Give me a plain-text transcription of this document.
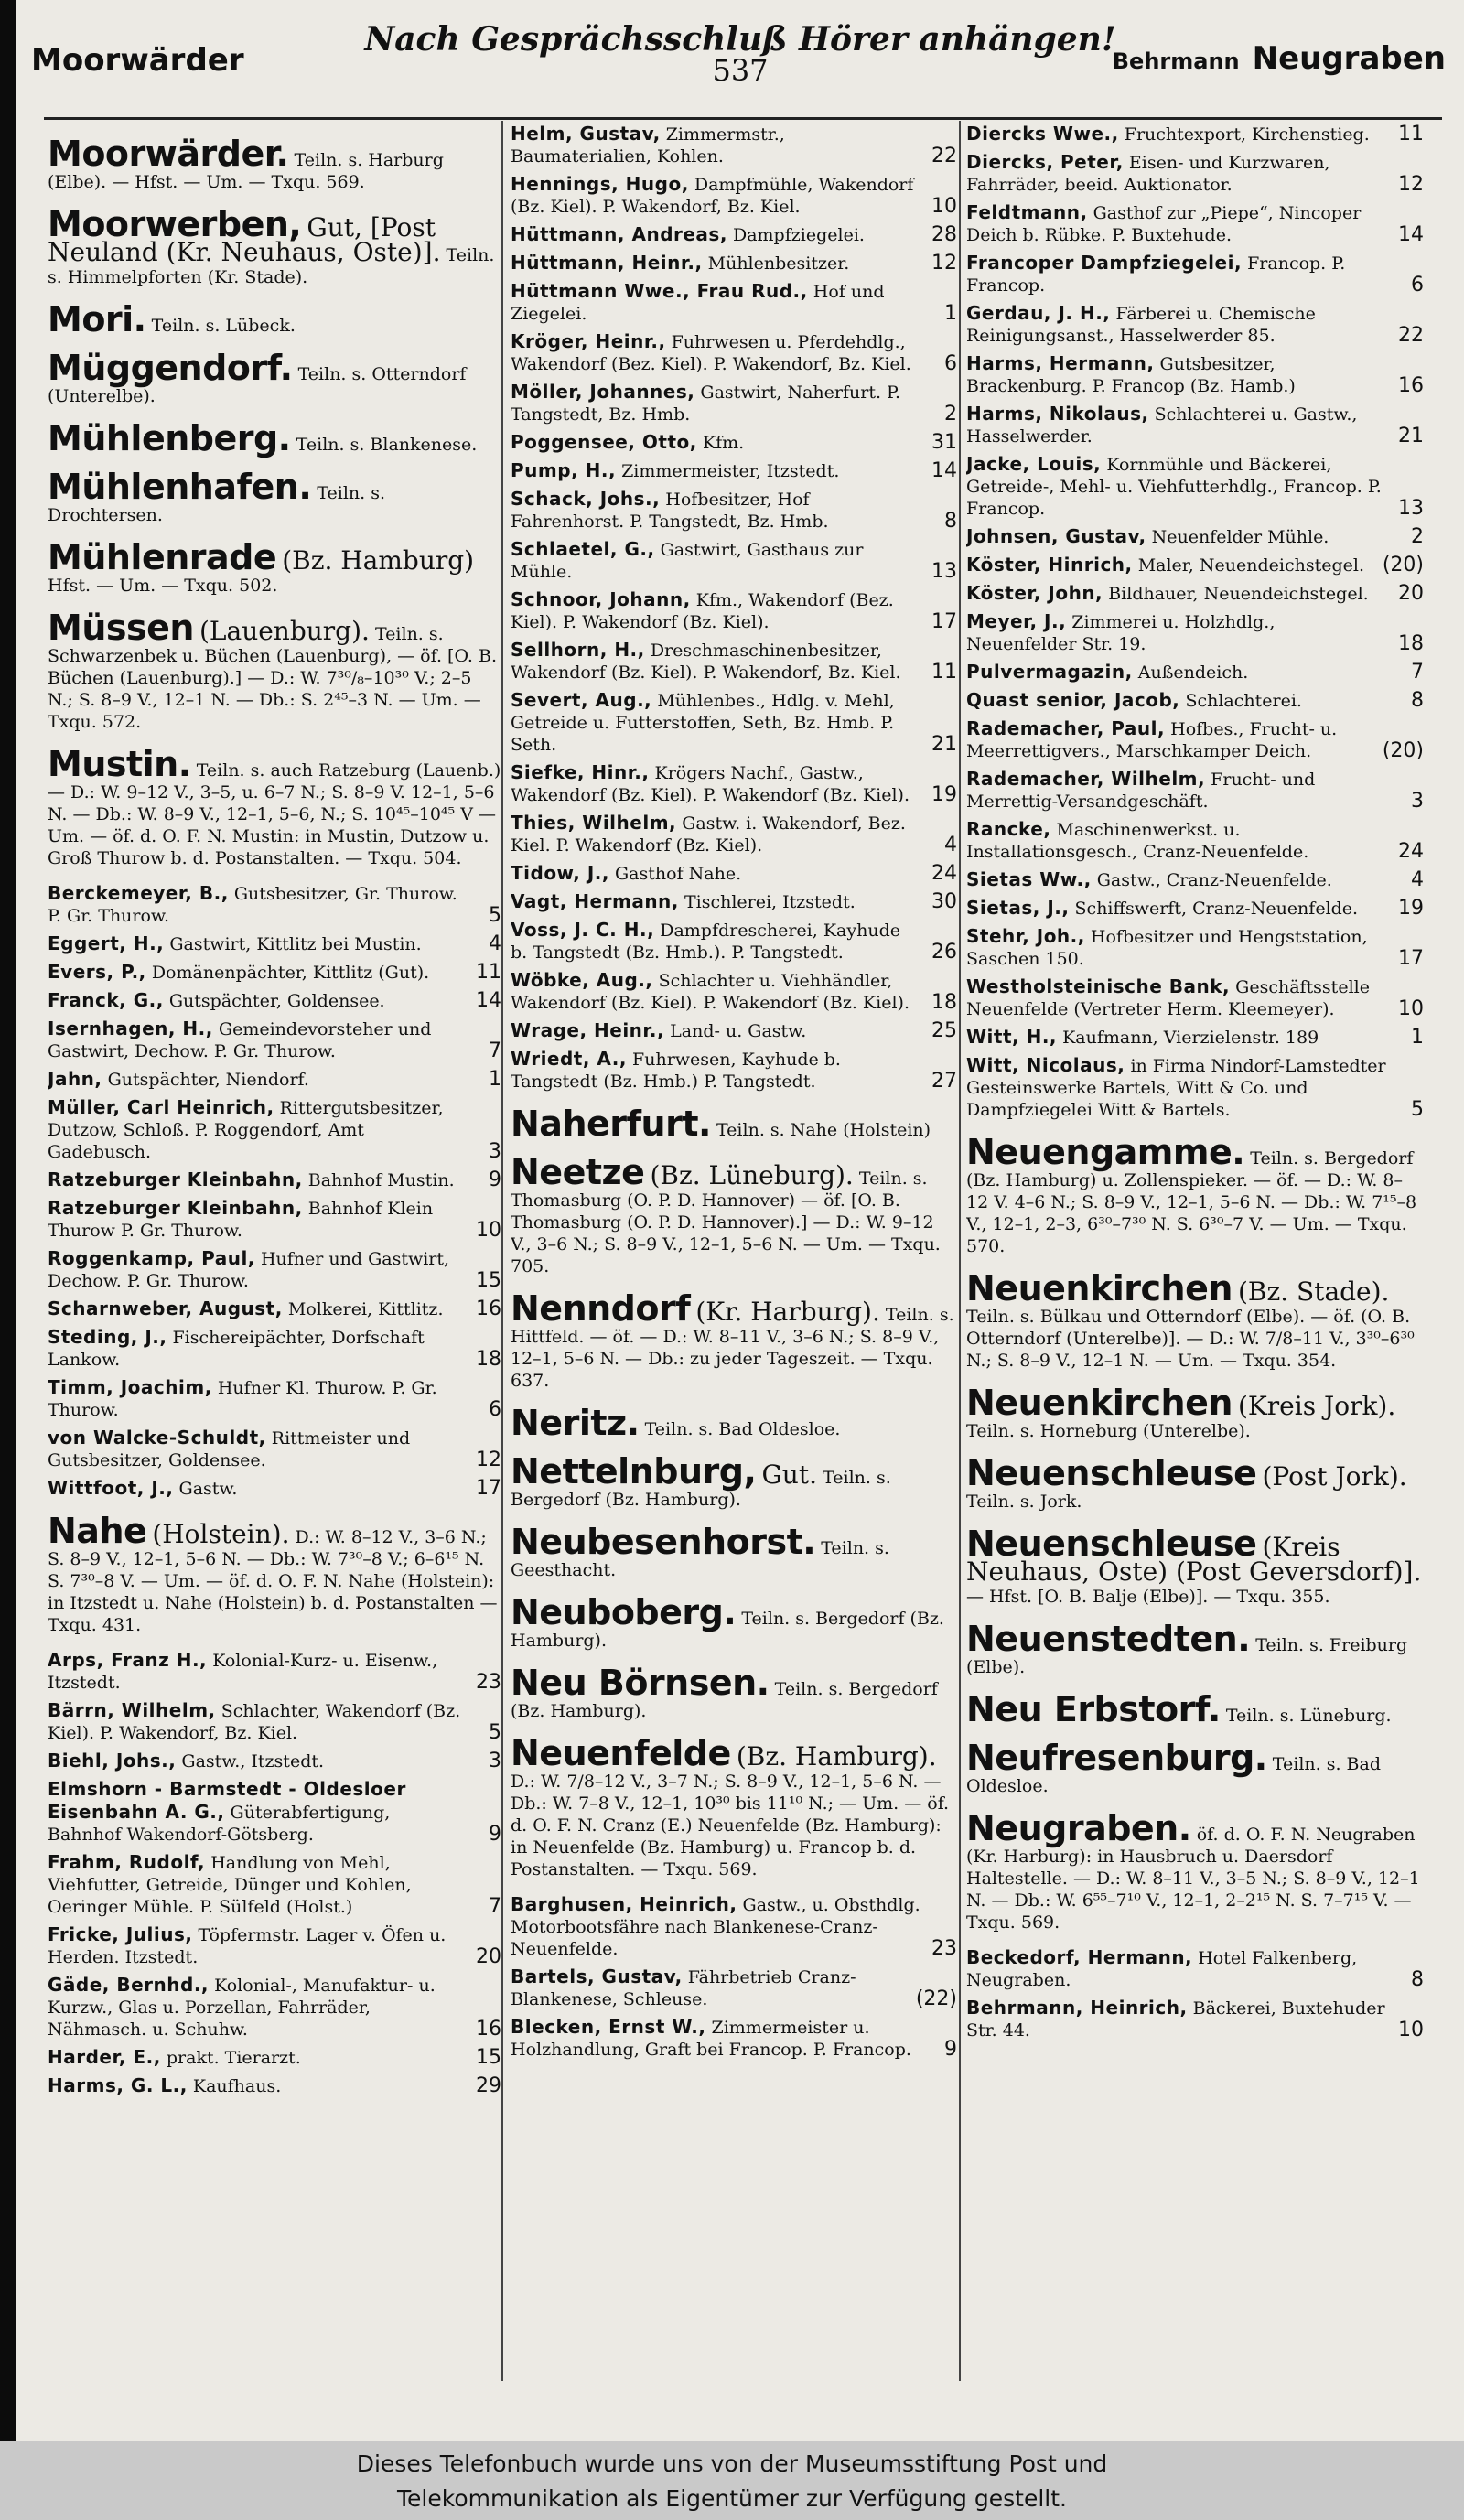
Moorwärder
Nach Gesprächsschluß Hörer anhängen!
537	Behrmann Neugraben
Moorwärder. Teiln. s. Harburg (Elbe). — Hfst. — Um. — Txqu. 569.
Moorwerben, Gut, [Post Neuland (Kr. Neuhaus, Oste)]. Teiln. s. Himmelpforten (Kr. Stade).
Mori. Teiln. s. Lübeck.
Müggendorf. Teiln. s. Otterndorf (Unterelbe).
Mühlenberg. Teiln. s. Blankenese.
Mühlenhafen. Teiln. s. Drochtersen.
Mühlenrade (Bz. Hamburg) Hfst. — Um. — Txqu. 502.
Müssen (Lauenburg). Teiln. s. Schwarzenbek u. Büchen (Lauenburg), — öf. [O. B. Büchen (Lauenburg).] — D.: W. 7³⁰/₈–10³⁰ V.; 2–5 N.; S. 8–9 V., 12–1 N. — Db.: S. 2⁴⁵–3 N. — Um. — Txqu. 572.
Mustin. Teiln. s. auch Ratzeburg (Lauenb.) — D.: W. 9–12 V., 3–5, u. 6–7 N.; S. 8–9 V. 12–1, 5–6 N. — Db.: W. 8–9 V., 12–1, 5–6, N.; S. 10⁴⁵–10⁴⁵ V — Um. — öf. d. O. F. N. Mustin: in Mustin, Dutzow u. Groß Thurow b. d. Postanstalten. — Txqu. 504.
Berckemeyer, B., Gutsbesitzer, Gr. Thurow. P. Gr. Thurow.	5
Eggert, H., Gastwirt, Kittlitz bei Mustin.	4
Evers, P., Domänenpächter, Kittlitz (Gut). 11
Franck, G., Gutspächter, Goldensee.	14
Isernhagen, H., Gemeindevorsteher und Gastwirt, Dechow. P. Gr. Thurow.	7
Jahn, Gutspächter, Niendorf.	1
Müller, Carl Heinrich, Rittergutsbesitzer, Dutzow, Schloß. P. Roggendorf, Amt Gadebusch.	3
Ratzeburger Kleinbahn, Bahnhof Mustin. 9
Ratzeburger Kleinbahn, Bahnhof Klein Thurow P. Gr. Thurow.	10
Roggenkamp, Paul, Hufner und Gastwirt, Dechow. P. Gr. Thurow.	15
Scharnweber, August, Molkerei, Kittlitz. 16
Steding, J., Fischereipächter, Dorfschaft Lankow.	18
Timm, Joachim, Hufner Kl. Thurow. P. Gr. Thurow.	6
von Walcke-Schuldt, Rittmeister und Gutsbesitzer, Goldensee.	12
Wittfoot, J., Gastw.	17
Nahe (Holstein). D.: W. 8–12 V., 3–6 N.; S. 8–9 V., 12–1, 5–6 N. — Db.: W. 7³⁰–8 V.; 6–6¹⁵ N. S. 7³⁰–8 V. — Um. — öf. d. O. F. N. Nahe (Holstein): in Itzstedt u. Nahe (Holstein) b. d. Postanstalten — Txqu. 431.
Arps, Franz H., Kolonial-Kurz- u. Eisenw., Itzstedt.	23
Bärrn, Wilhelm, Schlachter, Wakendorf (Bz. Kiel). P. Wakendorf, Bz. Kiel.	5
Biehl, Johs., Gastw., Itzstedt.	3
Elmshorn - Barmstedt - Oldesloer Eisenbahn A. G., Güterabfertigung, Bahnhof Wakendorf-Götsberg.	9
Frahm, Rudolf, Handlung von Mehl, Viehfutter, Getreide, Dünger und Kohlen, Oeringer Mühle. P. Sülfeld (Holst.)	7
Fricke, Julius, Töpfermstr. Lager v. Öfen u. Herden. Itzstedt.	20
Gäde, Bernhd., Kolonial-, Manufaktur- u. Kurzw., Glas u. Porzellan, Fahrräder, Nähmasch. u. Schuhw.	16
Harder, E., prakt. Tierarzt.	15
Harms, G. L., Kaufhaus.	29
Helm, Gustav, Zimmermstr., Baumaterialien, Kohlen.	22
Hennings, Hugo, Dampfmühle, Wakendorf (Bz. Kiel). P. Wakendorf, Bz. Kiel.	10
Hüttmann, Andreas, Dampfziegelei.	28
Hüttmann, Heinr., Mühlenbesitzer.	12
Hüttmann Wwe., Frau Rud., Hof und Ziegelei.	1
Kröger, Heinr., Fuhrwesen u. Pferdehdlg., Wakendorf (Bez. Kiel). P. Wakendorf, Bz. Kiel. 6
Möller, Johannes, Gastwirt, Naherfurt. P. Tangstedt, Bz. Hmb.	2
Poggensee, Otto, Kfm.	31
Pump, H., Zimmermeister, Itzstedt.	14
Schack, Johs., Hofbesitzer, Hof Fahrenhorst. P. Tangstedt, Bz. Hmb.	8
Schlaetel, G., Gastwirt, Gasthaus zur Mühle.	13
Schnoor, Johann, Kfm., Wakendorf (Bez. Kiel). P. Wakendorf (Bz. Kiel).	17
Sellhorn, H., Dreschmaschinenbesitzer, Wakendorf (Bz. Kiel). P. Wakendorf, Bz. Kiel. 11
Severt, Aug., Mühlenbes., Hdlg. v. Mehl, Getreide u. Futterstoffen, Seth, Bz. Hmb. P. Seth.	21
Siefke, Hinr., Krögers Nachf., Gastw., Wakendorf (Bz. Kiel). P. Wakendorf (Bz. Kiel). 19
Thies, Wilhelm, Gastw. i. Wakendorf, Bez. Kiel. P. Wakendorf (Bz. Kiel).	4
Tidow, J., Gasthof Nahe.	24
Vagt, Hermann, Tischlerei, Itzstedt.	30
Voss, J. C. H., Dampfdrescherei, Kayhude b. Tangstedt (Bz. Hmb.). P. Tangstedt.	26
Wöbke, Aug., Schlachter u. Viehhändler, Wakendorf (Bz. Kiel). P. Wakendorf (Bz. Kiel). 18
Wrage, Heinr., Land- u. Gastw.	25
Wriedt, A., Fuhrwesen, Kayhude b. Tangstedt (Bz. Hmb.) P. Tangstedt.	27
Naherfurt. Teiln. s. Nahe (Holstein)
Neetze (Bz. Lüneburg). Teiln. s. Thomasburg (O. P. D. Hannover) — öf. [O. B. Thomasburg (O. P. D. Hannover).] — D.: W. 9–12 V., 3–6 N.; S. 8–9 V., 12–1, 5–6 N. — Um. — Txqu. 705.
Nenndorf (Kr. Harburg). Teiln. s. Hittfeld. — öf. — D.: W. 8–11 V., 3–6 N.; S. 8–9 V., 12–1, 5–6 N. — Db.: zu jeder Tageszeit. — Txqu. 637.
Neritz. Teiln. s. Bad Oldesloe.
Nettelnburg, Gut. Teiln. s. Bergedorf (Bz. Hamburg).
Neubesenhorst. Teiln. s. Geesthacht.
Neuboberg. Teiln. s. Bergedorf (Bz. Hamburg).
Neu Börnsen. Teiln. s. Bergedorf (Bz. Hamburg).
Neuenfelde (Bz. Hamburg). D.: W. 7/8–12 V., 3–7 N.; S. 8–9 V., 12–1, 5–6 N. — Db.: W. 7–8 V., 12–1, 10³⁰ bis 11¹⁰ N.; — Um. — öf. d. O. F. N. Cranz (E.) Neuenfelde (Bz. Hamburg): in Neuenfelde (Bz. Hamburg) u. Francop b. d. Postanstalten. — Txqu. 569.
Barghusen, Heinrich, Gastw., u. Obsthdlg. Motorbootsfähre nach Blankenese-Cranz-Neuenfelde.	23
Bartels, Gustav, Fährbetrieb Cranz-Blankenese, Schleuse.	(22)
Blecken, Ernst W., Zimmermeister u. Holzhandlung, Graft bei Francop. P. Francop. 9
Diercks Wwe., Fruchtexport, Kirchenstieg. 11
Diercks, Peter, Eisen- und Kurzwaren, Fahrräder, beeid. Auktionator.	12
Feldtmann, Gasthof zur „Piepe“, Nincoper Deich b. Rübke. P. Buxtehude.	14
Francoper Dampfziegelei, Francop. P. Francop.	6
Gerdau, J. H., Färberei u. Chemische Reinigungsanst., Hasselwerder 85.	22
Harms, Hermann, Gutsbesitzer, Brackenburg. P. Francop (Bz. Hamb.)	16
Harms, Nikolaus, Schlachterei u. Gastw., Hasselwerder.	21
Jacke, Louis, Kornmühle und Bäckerei, Getreide-, Mehl- u. Viehfutterhdlg., Francop. P. Francop.	13
Johnsen, Gustav, Neuenfelder Mühle.	2
Köster, Hinrich, Maler, Neuendeichstegel. (20)
Köster, John, Bildhauer, Neuendeichstegel. 20
Meyer, J., Zimmerei u. Holzhdlg., Neuenfelder Str. 19.	18
Pulvermagazin, Außendeich.	7
Quast senior, Jacob, Schlachterei.	8
Rademacher, Paul, Hofbes., Frucht- u. Meerrettigvers., Marschkamper Deich.	(20)
Rademacher, Wilhelm, Frucht- und Merrettig-Versandgeschäft.	3
Rancke, Maschinenwerkst. u. Installationsgesch., Cranz-Neuenfelde.	24
Sietas Ww., Gastw., Cranz-Neuenfelde.	4
Sietas, J., Schiffswerft, Cranz-Neuenfelde. 19
Stehr, Joh., Hofbesitzer und Hengststation, Saschen 150.	17
Westholsteinische Bank, Geschäftsstelle Neuenfelde (Vertreter Herm. Kleemeyer).	10
Witt, H., Kaufmann, Vierzielenstr. 189	1
Witt, Nicolaus, in Firma Nindorf-Lamstedter Gesteinswerke Bartels, Witt & Co. und Dampfziegelei Witt & Bartels.	5
Neuengamme. Teiln. s. Bergedorf (Bz. Hamburg) u. Zollenspieker. — öf. — D.: W. 8–12 V. 4–6 N.; S. 8–9 V., 12–1, 5–6 N. — Db.: W. 7¹⁵–8 V., 12–1, 2–3, 6³⁰–7³⁰ N. S. 6³⁰–7 V. — Um. — Txqu. 570.
Neuenkirchen (Bz. Stade). Teiln. s. Bülkau und Otterndorf (Elbe). — öf. (O. B. Otterndorf (Unterelbe)]. — D.: W. 7/8–11 V., 3³⁰–6³⁰ N.; S. 8–9 V., 12–1 N. — Um. — Txqu. 354.
Neuenkirchen (Kreis Jork). Teiln. s. Horneburg (Unterelbe).
Neuenschleuse (Post Jork). Teiln. s. Jork.
Neuenschleuse (Kreis Neuhaus, Oste) (Post Geversdorf)]. — Hfst. [O. B. Balje (Elbe)]. — Txqu. 355.
Neuenstedten. Teiln. s. Freiburg (Elbe).
Neu Erbstorf. Teiln. s. Lüneburg.
Neufresenburg. Teiln. s. Bad Oldesloe.
Neugraben. öf. d. O. F. N. Neugraben (Kr. Harburg): in Hausbruch u. Daersdorf Haltestelle. — D.: W. 8–11 V., 3–5 N.; S. 8–9 V., 12–1 N. — Db.: W. 6⁵⁵–7¹⁰ V., 12–1, 2–2¹⁵ N. S. 7–7¹⁵ V. — Txqu. 569.
Beckedorf, Hermann, Hotel Falkenberg, Neugraben.	8
Behrmann, Heinrich, Bäckerei, Buxtehuder Str. 44.	10
Dieses Telefonbuch wurde uns von der Museumsstiftung Post und
Telekommunikation als Eigentümer zur Verfügung gestellt.
